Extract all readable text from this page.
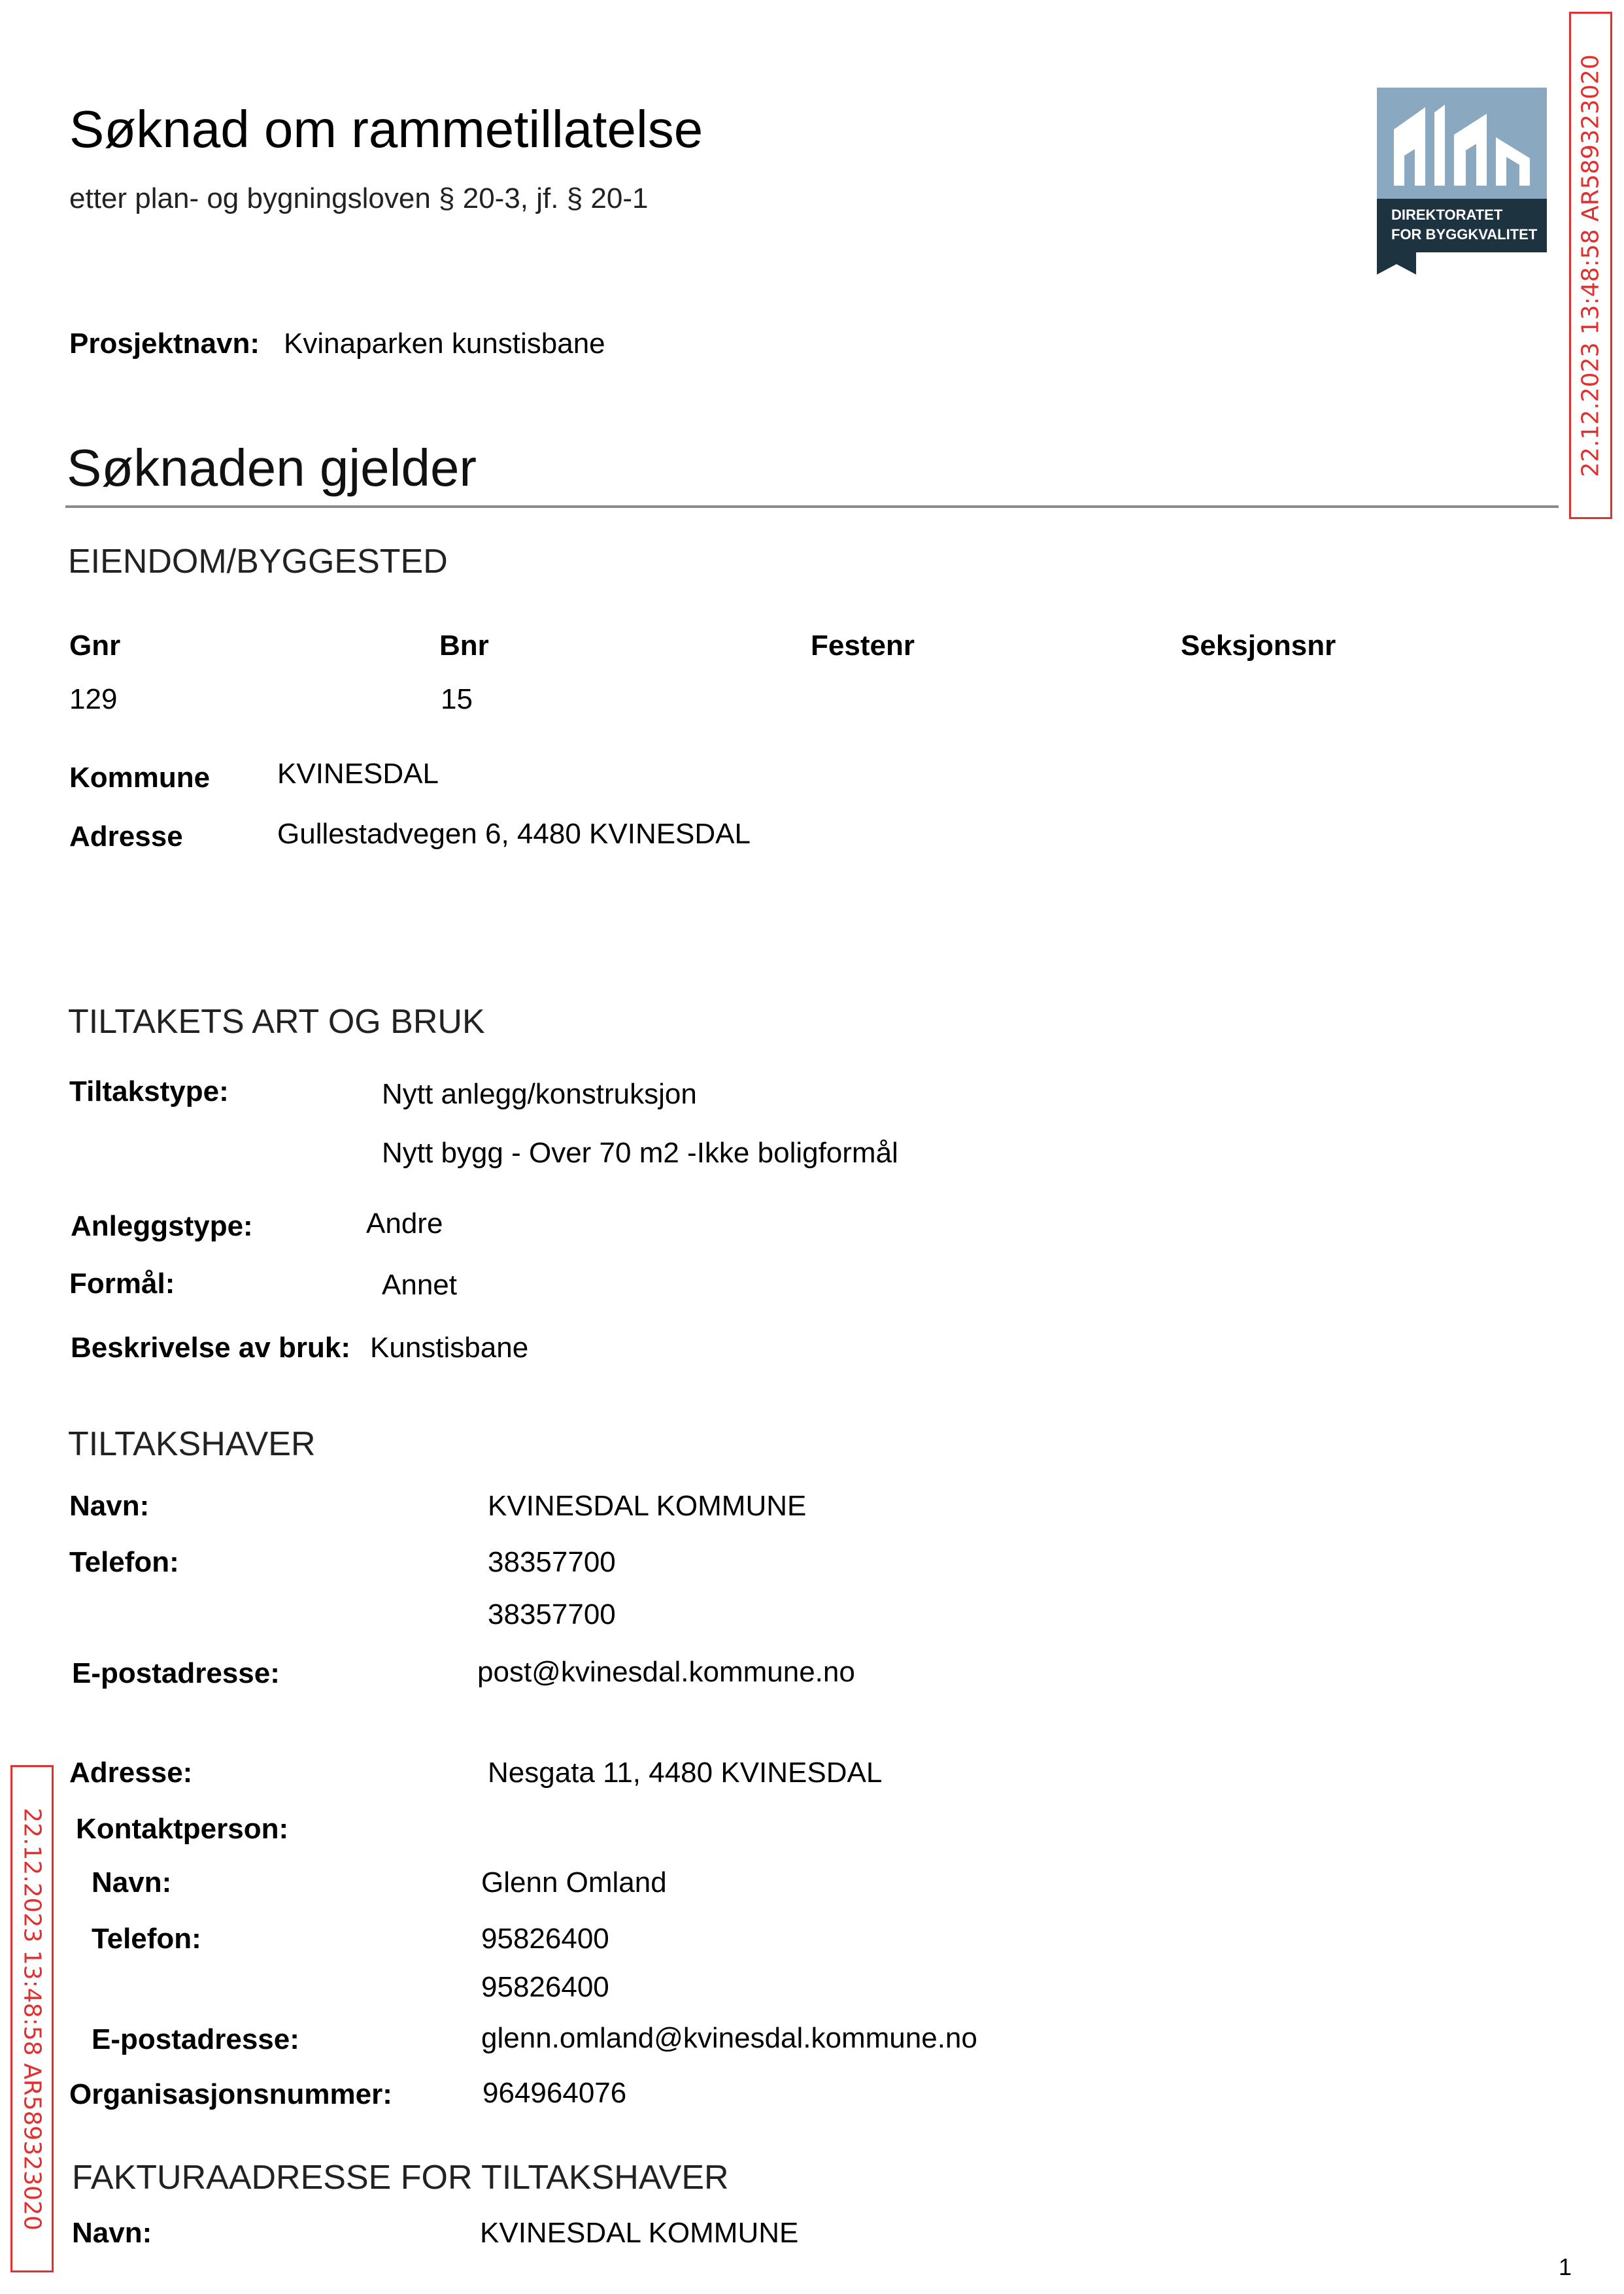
Søknad om rammetillatelse
etter plan- og bygningsloven § 20-3, jf. § 20-1
DIREKTORATET
FOR BYGGKVALITET 22.12.2023 13:48:58 AR589323020
22.12.2023 13:48:58 AR589323020
Prosjektnavn: Kvinaparken kunstisbane
Søknaden gjelder
EIENDOM/BYGGESTED
Gnr	Bnr	Festenr	Seksjonsnr
129	15
Kommune KVINESDAL
Adresse	Gullestadvegen 6, 4480 KVINESDAL
TILTAKETS ART OG BRUK
Tiltakstype:	Nytt anlegg/konstruksjon
Nytt bygg - Over 70 m2 -Ikke boligformål
Anleggstype:	Andre
Formål:	Annet
Beskrivelse av bruk: Kunstisbane
TILTAKSHAVER
Navn:	KVINESDAL KOMMUNE
Telefon:	38357700
38357700
E-postadresse:	post@kvinesdal.kommune.no
Adresse:	Nesgata 11, 4480 KVINESDAL
Kontaktperson:
Navn:	Glenn Omland
Telefon:	95826400
95826400
E-postadresse:	glenn.omland@kvinesdal.kommune.no
Organisasjonsnummer:	964964076
FAKTURAADRESSE FOR TILTAKSHAVER
Navn:	KVINESDAL KOMMUNE
1
